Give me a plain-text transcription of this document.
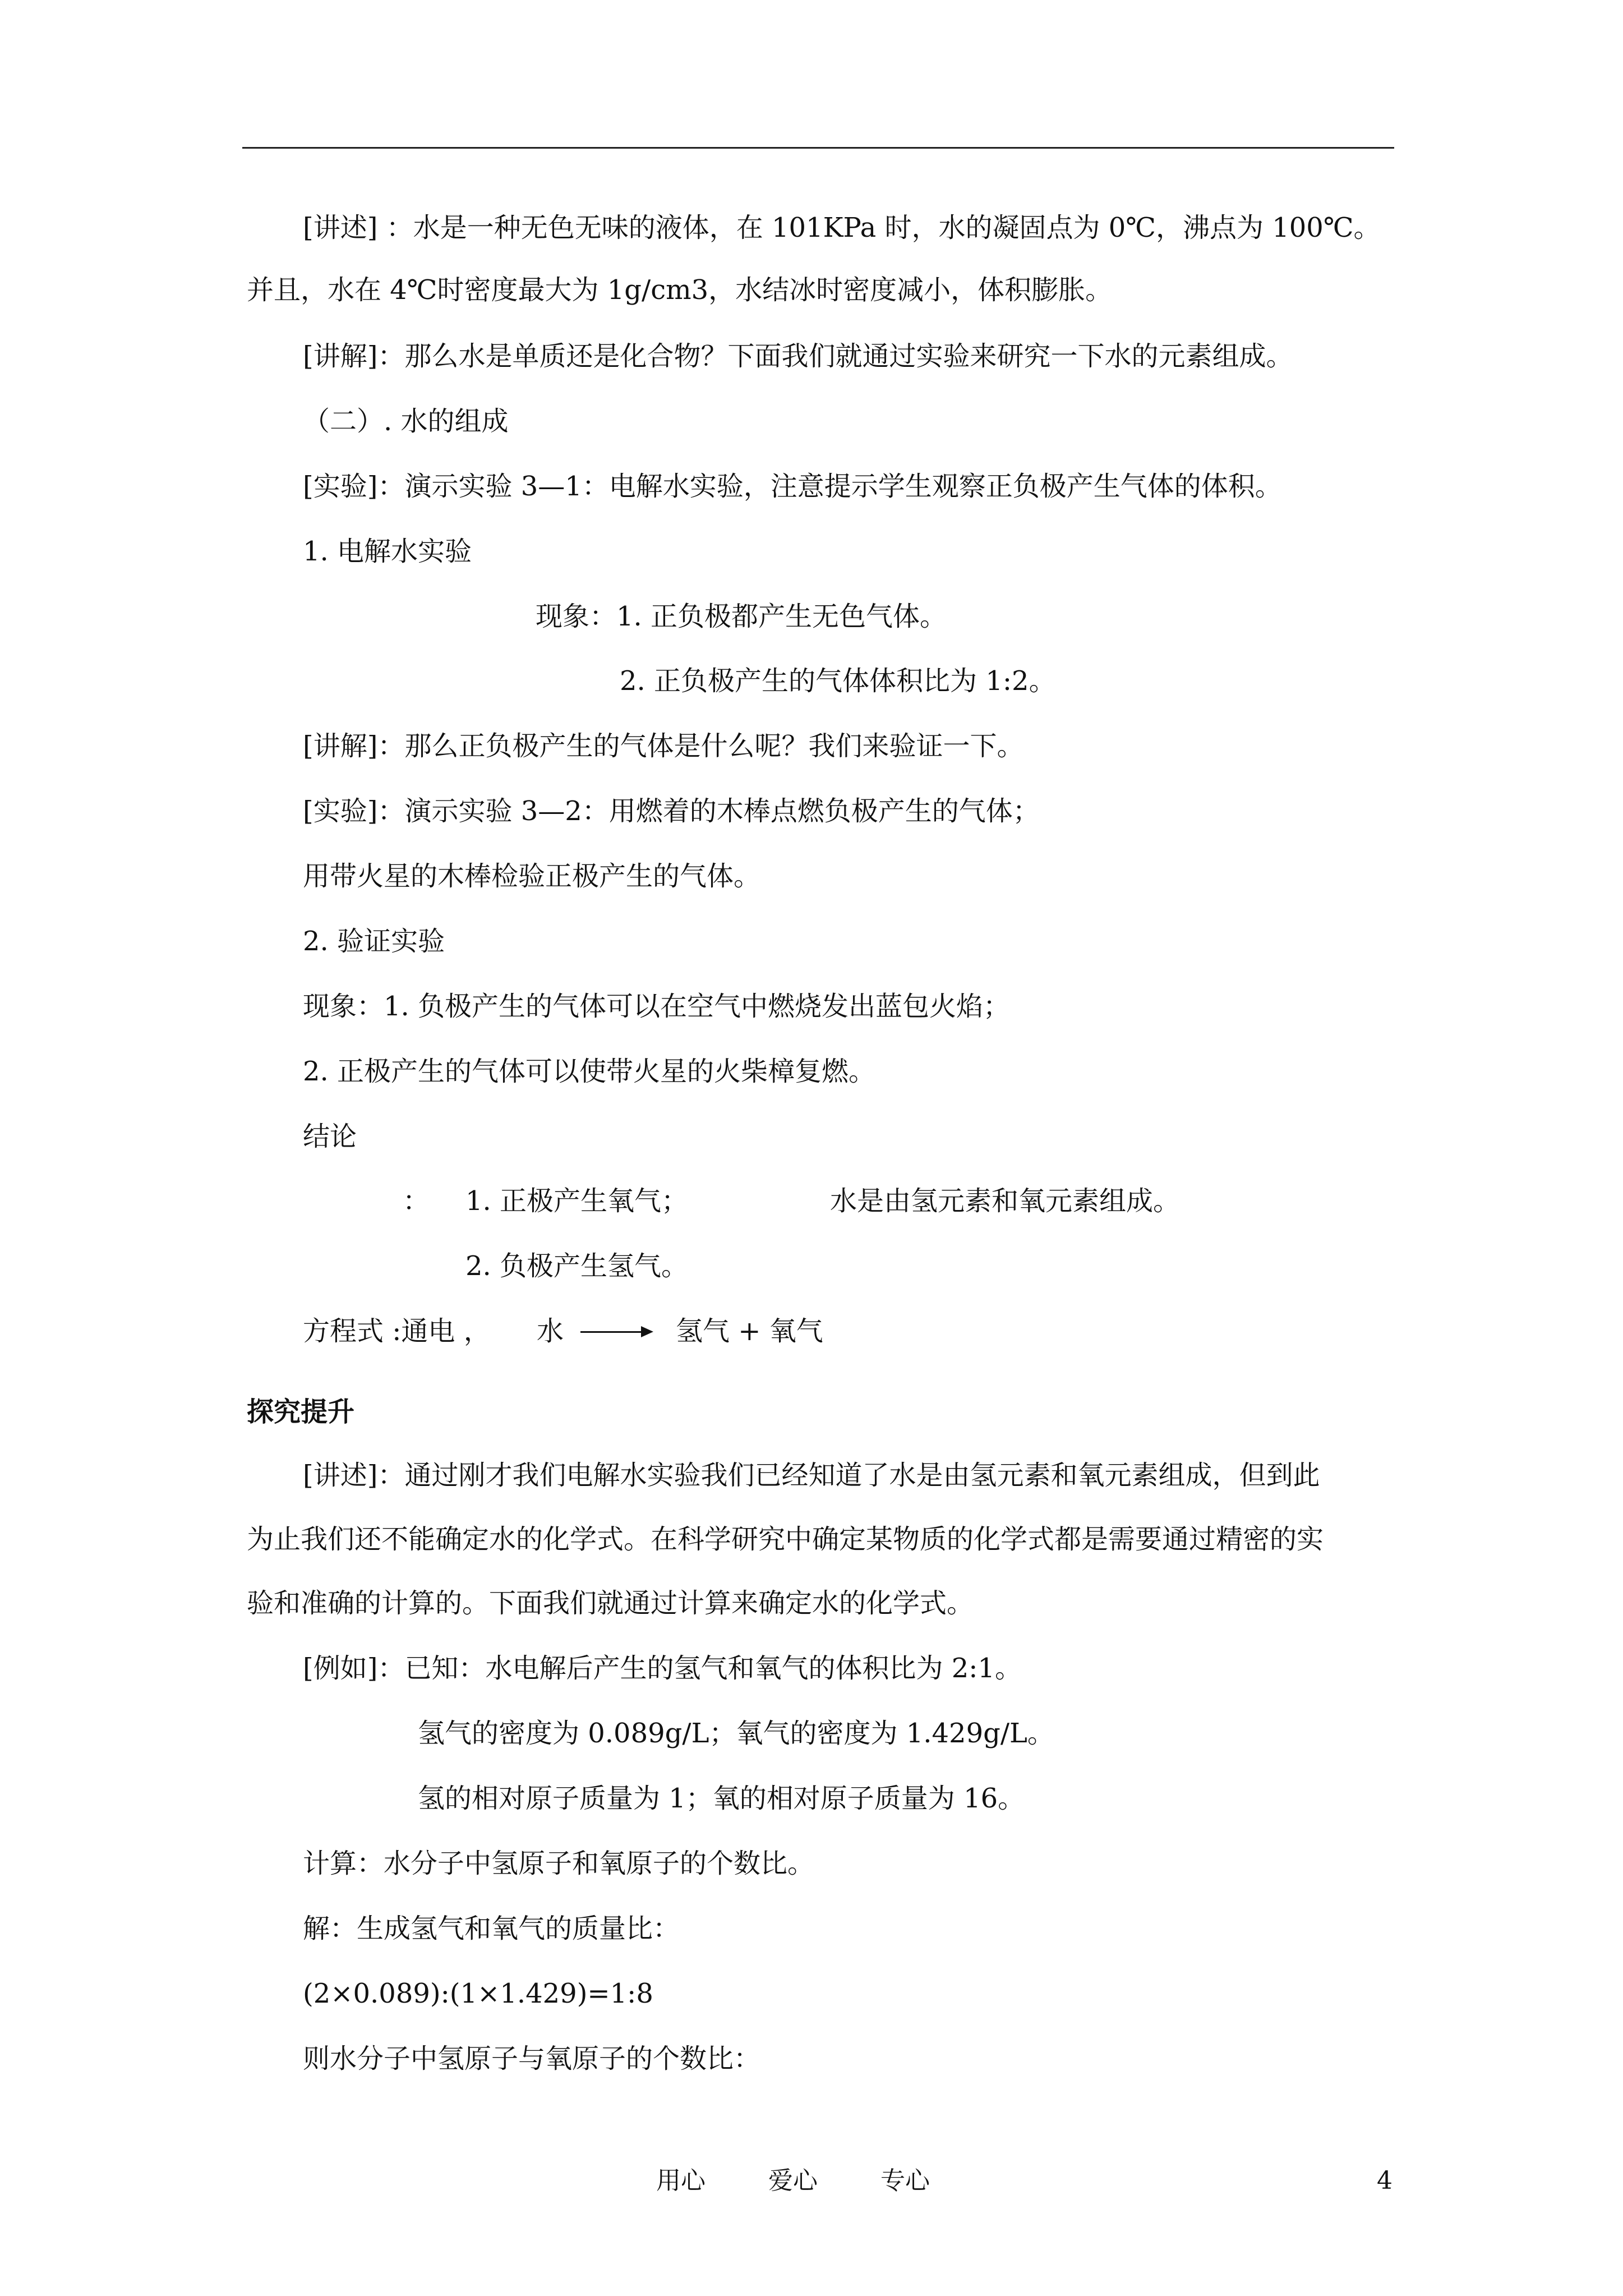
[讲述] ：水是一种无色无味的液体，在 101KPa 时，水的凝固点为 0℃，沸点为 100℃。
并且，水在 4℃时密度最大为 1g/cm3，水结冰时密度减小，体积膨胀。
[讲解]：那么水是单质还是化合物？下面我们就通过实验来研究一下水的元素组成。
（二）. 水的组成
[实验]：演示实验 3—1：电解水实验，注意提示学生观察正负极产生气体的体积。
1. 电解水实验
现象：1. 正负极都产生无色气体。
2. 正负极产生的气体体积比为 1:2。
[讲解]：那么正负极产生的气体是什么呢？我们来验证一下。
[实验]：演示实验 3—2：用燃着的木棒点燃负极产生的气体；
用带火星的木棒检验正极产生的气体。
2. 验证实验
现象：1. 负极产生的气体可以在空气中燃烧发出蓝包火焰；
2. 正极产生的气体可以使带火星的火柴樟复燃。
结论
： 1. 正极产生氧气；	水是由氢元素和氧元素组成。
2. 负极产生氢气。
方程式 :通电 ， 水	氢气 + 氧气
探究提升
[讲述]：通过刚才我们电解水实验我们已经知道了水是由氢元素和氧元素组成，但到此
为止我们还不能确定水的化学式。在科学研究中确定某物质的化学式都是需要通过精密的实
验和准确的计算的。下面我们就通过计算来确定水的化学式。
[例如]：已知：水电解后产生的氢气和氧气的体积比为 2:1。
氢气的密度为 0.089g/L；氧气的密度为 1.429g/L。
氢的相对原子质量为 1；氧的相对原子质量为 16。
计算：水分子中氢原子和氧原子的个数比。
解：生成氢气和氧气的质量比：
(2×0.089):(1×1.429)=1:8
则水分子中氢原子与氧原子的个数比：
用心	爱心	专心	4
